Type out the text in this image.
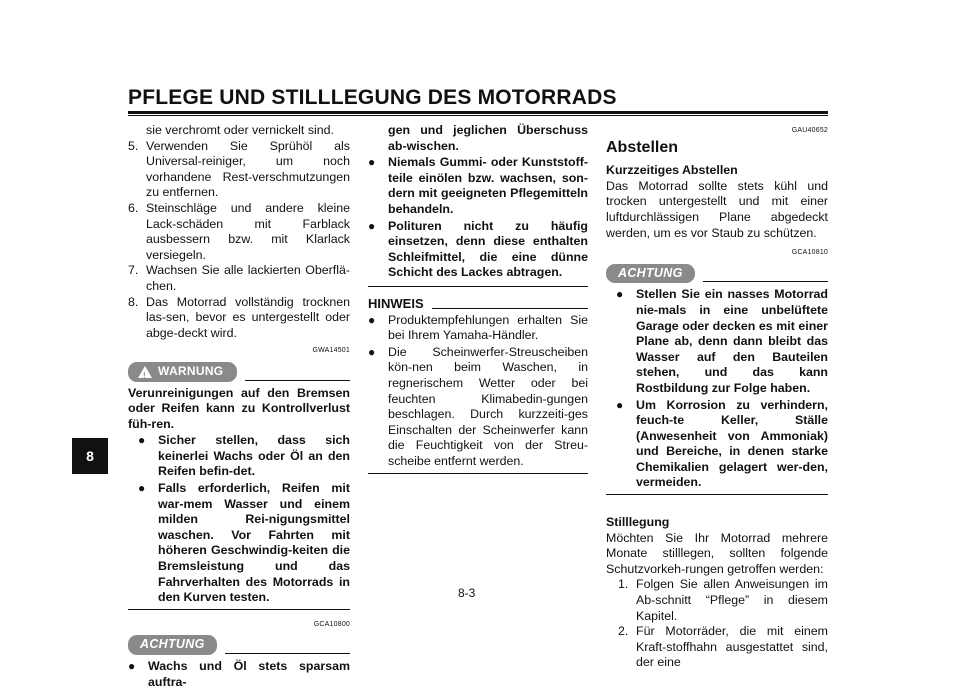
PFLEGE UND STILLLEGUNG DES MOTORRADS
8

sie verchromt oder vernickelt sind.

5. Verwenden Sie Sprühöl als Universal-reiniger, um noch vorhandene Rest-verschmutzungen zu entfernen.
6. Steinschläge und andere kleine Lack-schäden mit Farblack ausbessern bzw. mit Klarlack versiegeln.
7. Wachsen Sie alle lackierten Oberflä-chen.
8. Das Motorrad vollständig trocknen las-sen, bevor es untergestellt oder abge-deckt wird.
GWA14501
! WARNUNG

Verunreinigungen auf den Bremsen oder Reifen kann zu Kontrollverlust füh-ren.

●	Sicher stellen, dass sich keinerlei Wachs oder Öl an den Reifen befin-det.
●	Falls erforderlich, Reifen mit war-mem Wasser und einem milden Rei-nigungsmittel waschen. Vor Fahrten mit höheren Geschwindig-keiten die Bremsleistung und das Fahrverhalten des Motorrads in den Kurven testen.
GCA10800
ACHTUNG
●	Wachs und Öl stets sparsam auftra-

gen und jeglichen Überschuss ab-wischen.

●	Niemals Gummi- oder Kunststoff-teile einölen bzw. wachsen, son-dern mit geeigneten Pflegemitteln behandeln.
●	Polituren nicht zu häufig einsetzen, denn diese enthalten Schleifmittel, die eine dünne Schicht des Lackes abtragen.
HINWEIS
●	Produktempfehlungen erhalten Sie bei Ihrem Yamaha-Händler.
●	Die Scheinwerfer-Streuscheiben kön-nen beim Waschen, in regnerischem Wetter oder bei feuchten Klimabedin-gungen beschlagen. Durch kurzzeiti-ges Einschalten der Scheinwerfer kann die Feuchtigkeit von der Streu-scheibe entfernt werden.
GAU40652
Abstellen
Kurzzeitiges Abstellen

Das Motorrad sollte stets kühl und trocken untergestellt und mit einer luftdurchlässigen Plane abgedeckt werden, um es vor Staub zu schützen.

GCA10810
ACHTUNG
●	Stellen Sie ein nasses Motorrad nie-mals in eine unbelüftete Garage oder decken es mit einer Plane ab, denn dann bleibt das Wasser auf den Bauteilen stehen, und das kann Rostbildung zur Folge haben.
●	Um Korrosion zu verhindern, feuch-te Keller, Ställe (Anwesenheit von Ammoniak) und Bereiche, in denen starke Chemikalien gelagert wer-den, vermeiden.
Stilllegung

Möchten Sie Ihr Motorrad mehrere Monate stilllegen, sollten folgende Schutzvorkeh-rungen getroffen werden:

1. Folgen Sie allen Anweisungen im Ab-schnitt “Pflege” in diesem Kapitel.
2. Für Motorräder, die mit einem Kraft-stoffhahn ausgestattet sind, der eine
8-3
